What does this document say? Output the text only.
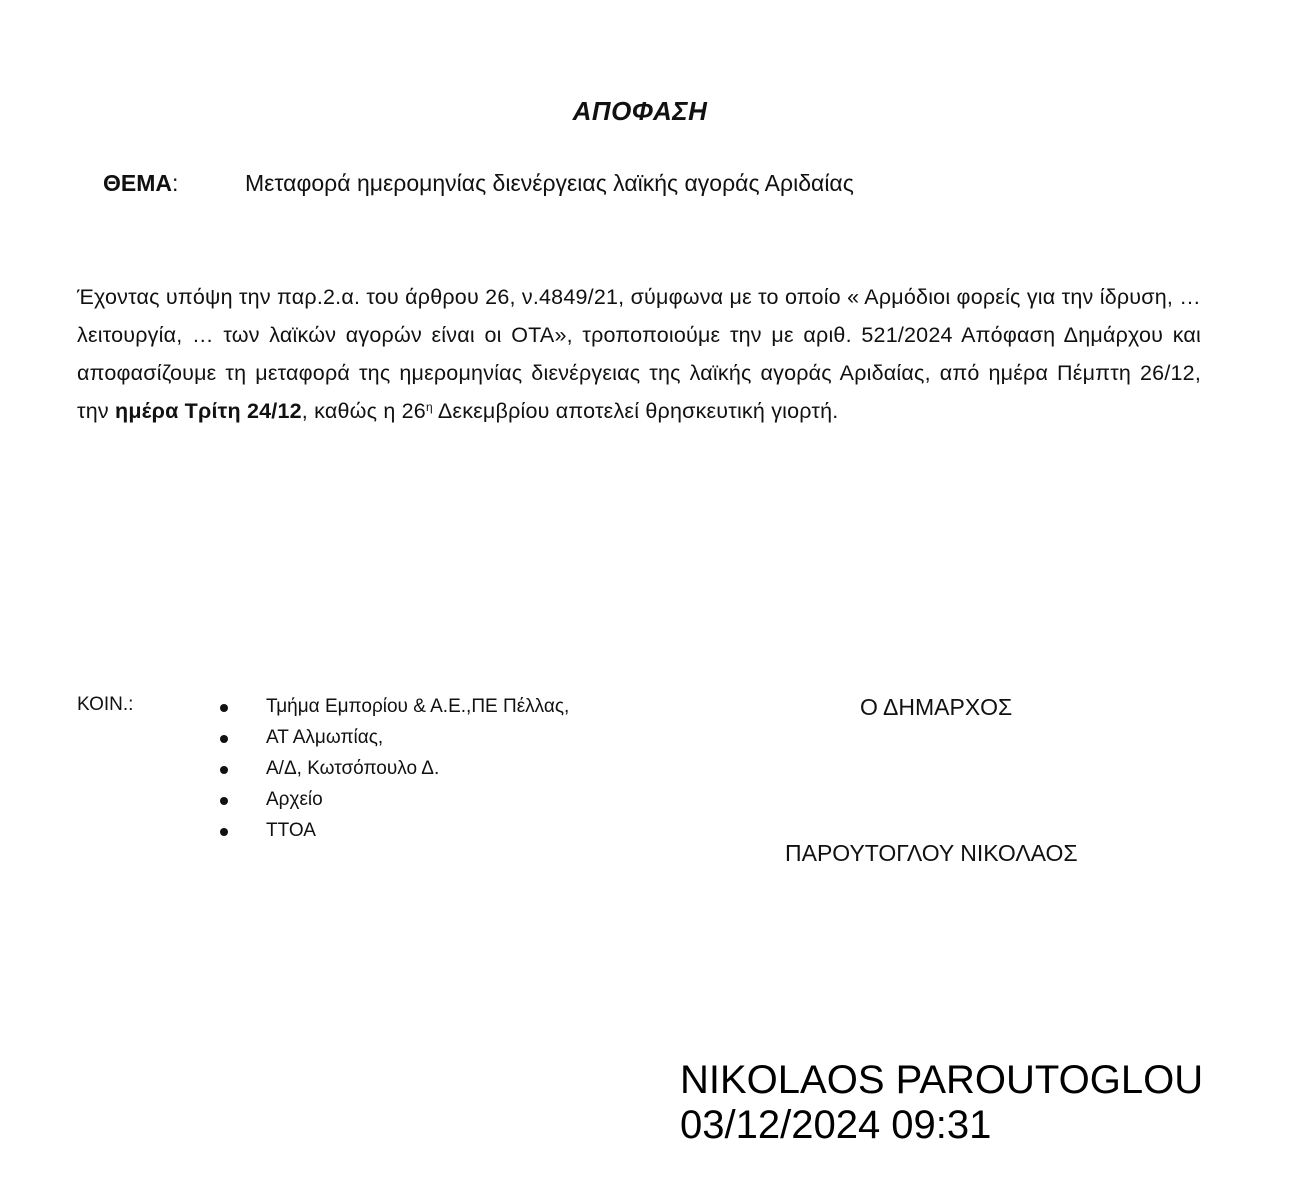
ΑΠΟΦΑΣΗ
ΘΕΜΑ:	Μεταφορά ημερομηνίας διενέργειας λαϊκής αγοράς Αριδαίας
Έχοντας υπόψη την παρ.2.α. του άρθρου 26, ν.4849/21, σύμφωνα με το οποίο « Αρμόδιοι φορείς για την ίδρυση, … λειτουργία, … των λαϊκών αγορών είναι οι ΟΤΑ», τροποποιούμε την με αριθ. 521/2024 Απόφαση Δημάρχου και αποφασίζουμε τη μεταφορά της ημερομηνίας διενέργειας της λαϊκής αγοράς Αριδαίας, από ημέρα Πέμπτη 26/12, την ημέρα Τρίτη 24/12, καθώς η $26^\eta$ Δεκεμβρίου αποτελεί θρησκευτική γιορτή.
ΚΟΙΝ.:	Τμήμα Εμπορίου & Α.Ε.,ΠΕ Πέλλας,
ΑΤ Αλμωπίας,
Α/Δ, Κωτσόπουλο Δ.
Αρχείο
ΤΤΟΑ
Ο ΔΗΜΑΡΧΟΣ
ΠΑΡΟΥΤΟΓΛΟΥ ΝΙΚΟΛΑΟΣ
NIKOLAOS PAROUTOGLOU
03/12/2024 09:31
